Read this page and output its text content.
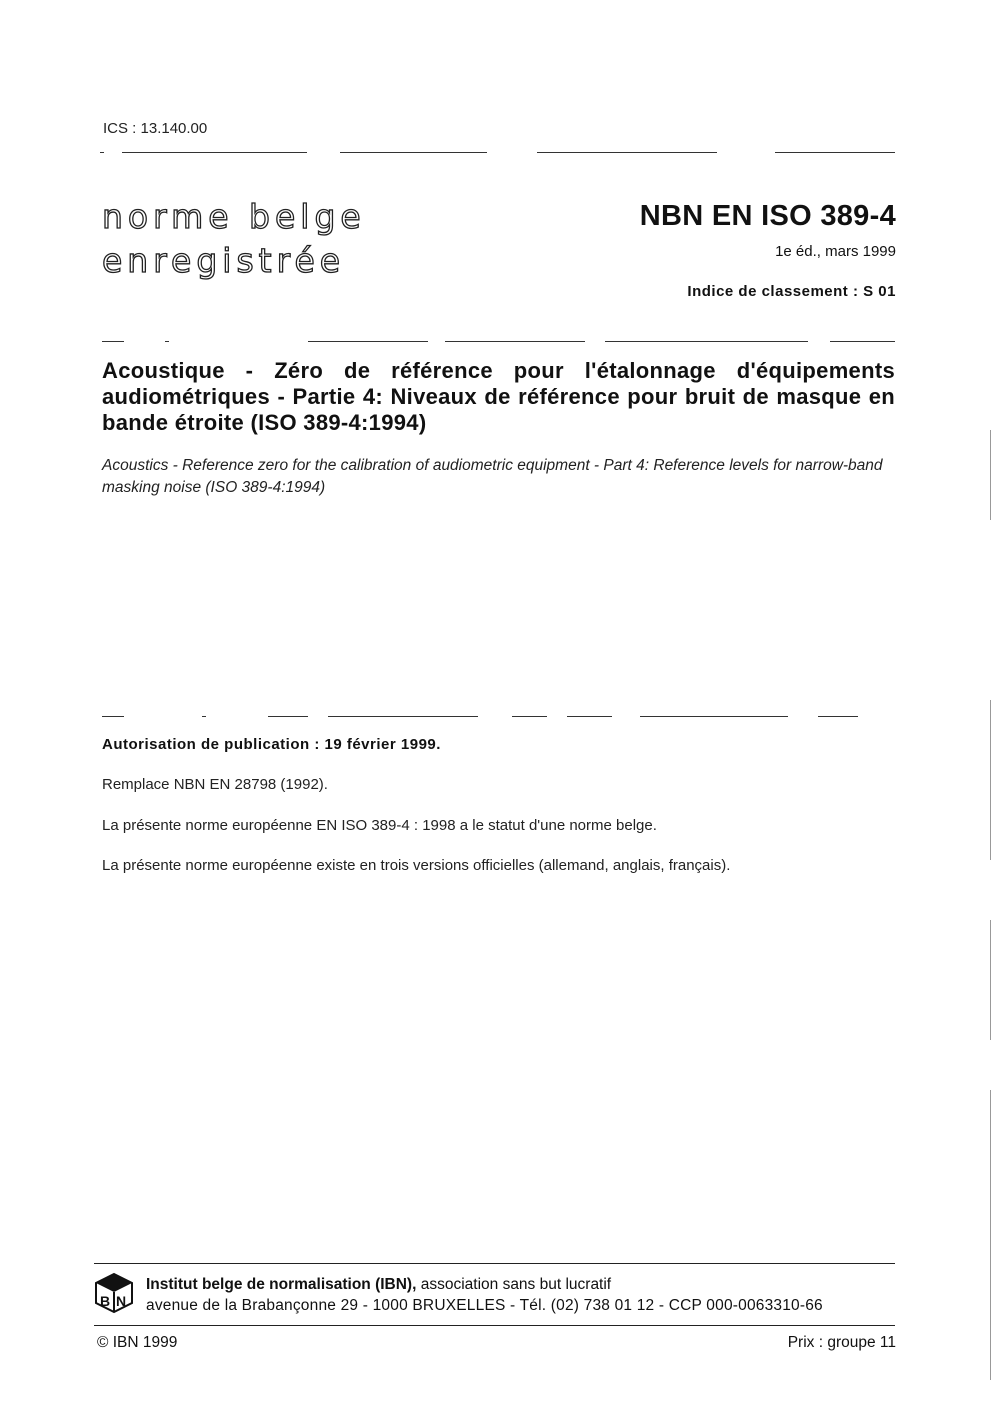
ICS : 13.140.00
norme belge
enregistrée
NBN EN ISO 389-4
1e éd., mars 1999
Indice de classement : S 01
Acoustique - Zéro de référence pour l'étalonnage d'équipements audiométriques - Partie 4: Niveaux de référence pour bruit de masque en bande étroite (ISO 389-4:1994)
Acoustics - Reference zero for the calibration of audiometric equipment - Part 4: Reference levels for narrow-band masking noise (ISO 389-4:1994)
Autorisation de publication : 19 février 1999.
Remplace NBN EN 28798 (1992).
La présente norme européenne EN ISO 389-4 : 1998 a le statut d'une norme belge.
La présente norme européenne existe en trois versions officielles (allemand, anglais, français).
B N
Institut belge de normalisation (IBN), association sans but lucratif
avenue de la Brabançonne 29 - 1000 BRUXELLES - Tél. (02) 738 01 12 - CCP 000-0063310-66
© IBN 1999	Prix : groupe 11
